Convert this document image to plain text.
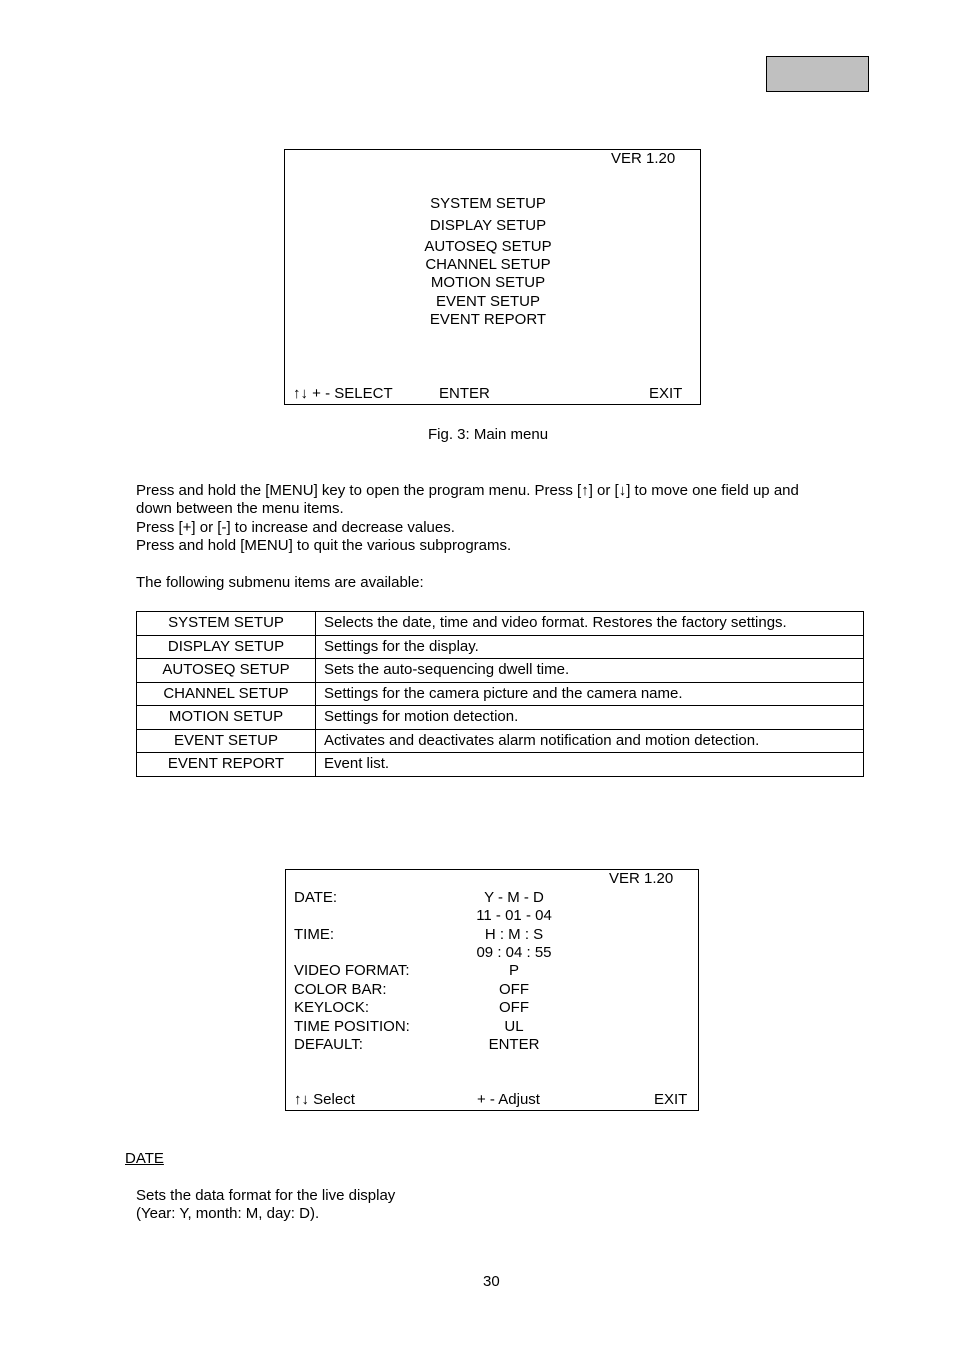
VER 1.20
SYSTEM SETUP
DISPLAY SETUP
AUTOSEQ SETUP
CHANNEL SETUP
MOTION SETUP
EVENT SETUP
EVENT REPORT
↑↓ + - SELECT	ENTER	EXIT
Fig. 3: Main menu
Press and hold the [MENU] key to open the program menu. Press [↑] or [↓] to move one field up and
down between the menu items.
Press [+] or [-] to increase and decrease values.
Press and hold [MENU] to quit the various subprograms.
The following submenu items are available:
SYSTEM SETUP	Selects the date, time and video format. Restores the factory settings.
DISPLAY SETUP	Settings for the display.
AUTOSEQ SETUP	Sets the auto-sequencing dwell time.
CHANNEL SETUP	Settings for the camera picture and the camera name.
MOTION SETUP	Settings for motion detection.
EVENT SETUP	Activates and deactivates alarm notification and motion detection.
EVENT REPORT	Event list.
VER 1.20
DATE:	Y - M - D
11 - 01 - 04
TIME:	H : M : S
09 : 04 : 55
VIDEO FORMAT:	P
COLOR BAR:	OFF
KEYLOCK:	OFF
TIME POSITION:	UL
DEFAULT:	ENTER
↑↓ Select	+ - Adjust	EXIT
DATE
Sets the data format for the live display
(Year: Y, month: M, day: D).
30
